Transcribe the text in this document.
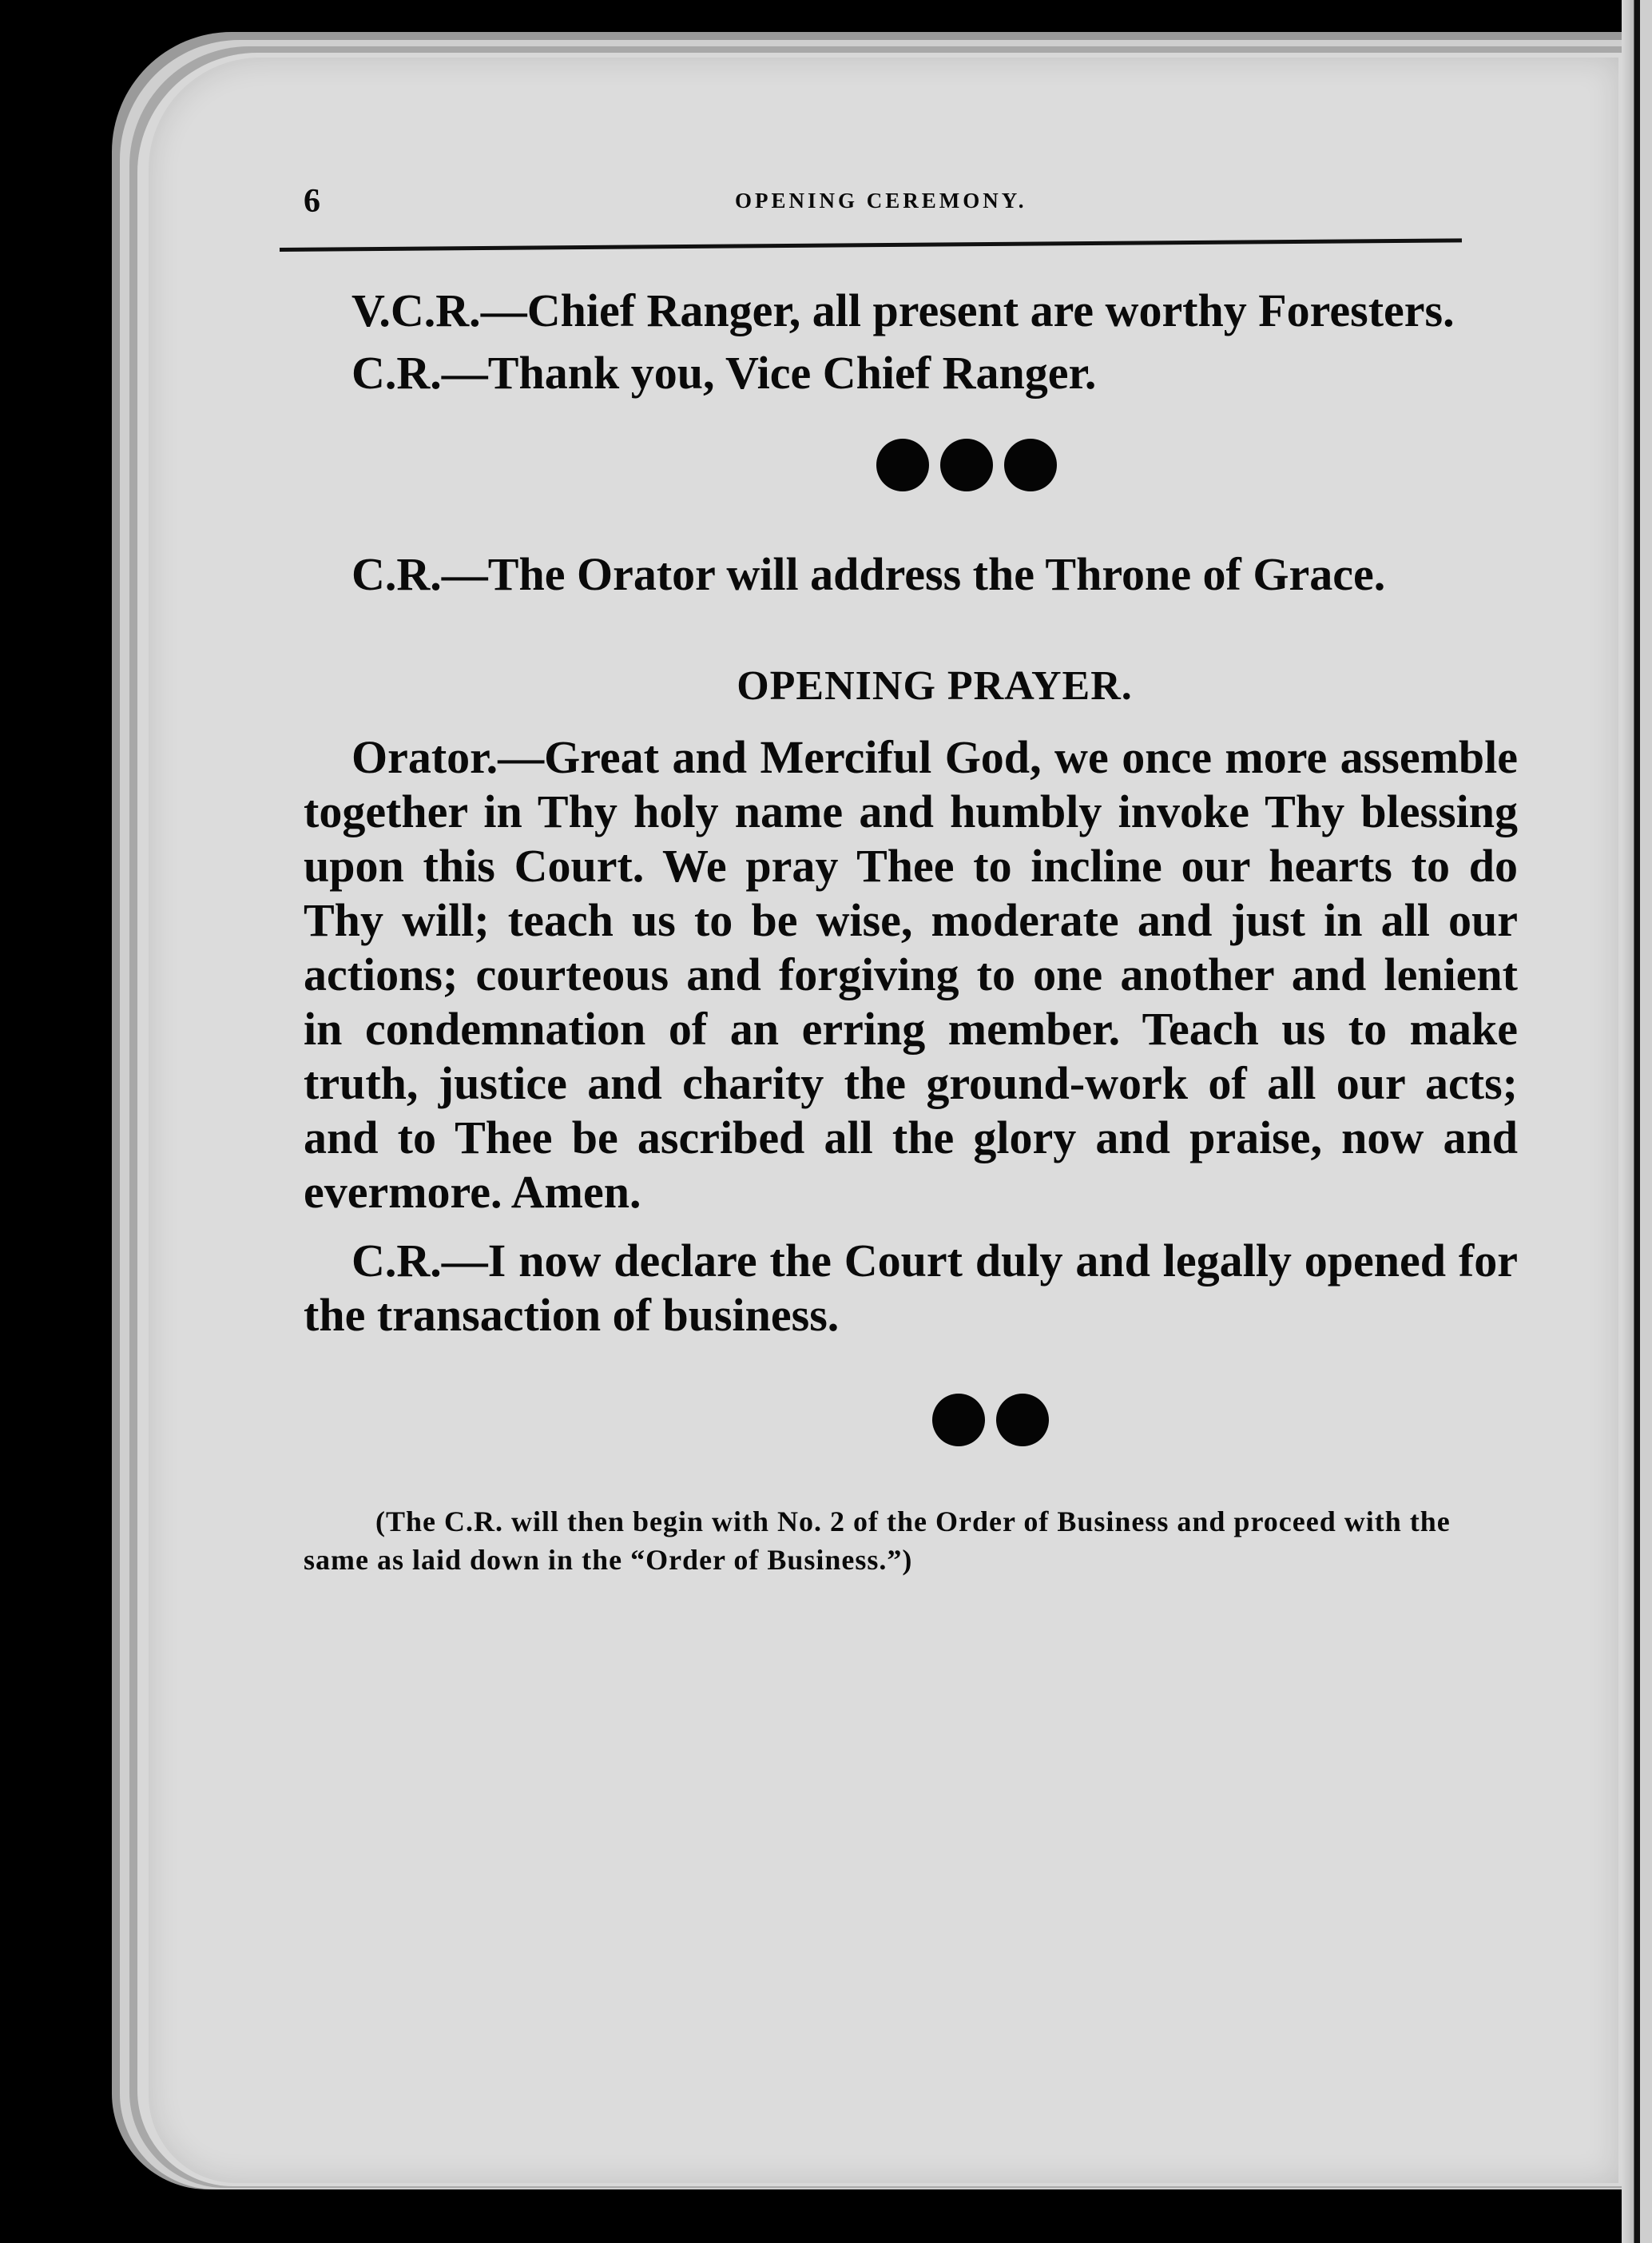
6	OPENING CEREMONY.

V.C.R.—Chief Ranger, all present are worthy Foresters.

C.R.—Thank you, Vice Chief Ranger.

C.R.—The Orator will address the Throne of Grace.

OPENING PRAYER.

Orator.—Great and Merciful God, we once more assemble together in Thy holy name and humbly invoke Thy blessing upon this Court. We pray Thee to incline our hearts to do Thy will; teach us to be wise, moderate and just in all our actions; courteous and forgiving to one another and lenient in condemnation of an erring member. Teach us to make truth, justice and charity the ground-work of all our acts; and to Thee be ascribed all the glory and praise, now and evermore. Amen.

C.R.—I now declare the Court duly and legally opened for the transaction of business.

(The C.R. will then begin with No. 2 of the Order of Business and proceed with the same as laid down in the “Order of Business.”)
